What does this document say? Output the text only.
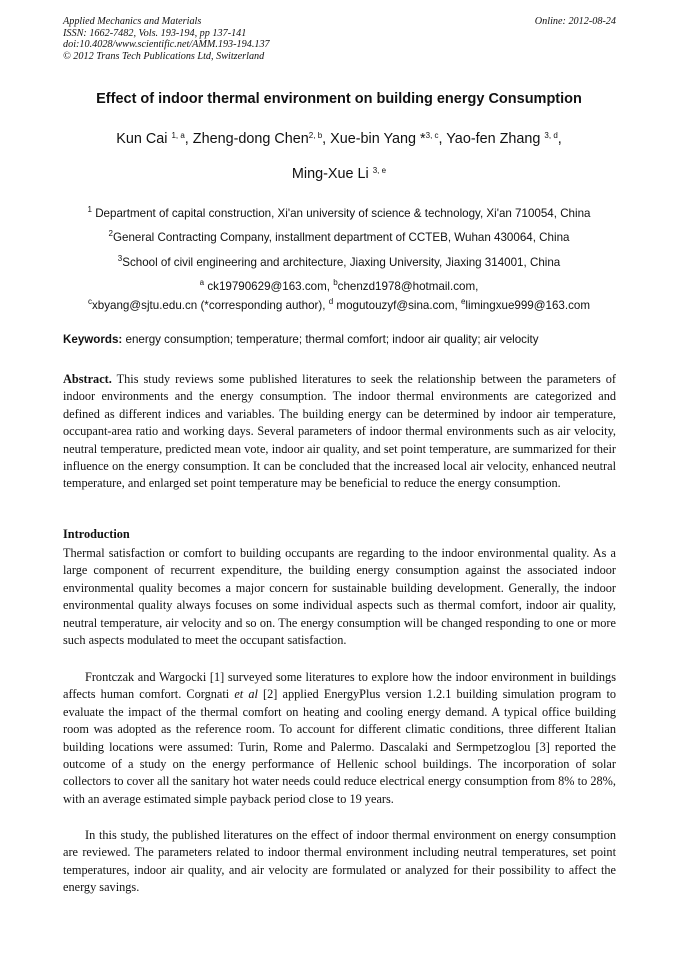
Applied Mechanics and Materials
ISSN: 1662-7482, Vols. 193-194, pp 137-141
doi:10.4028/www.scientific.net/AMM.193-194.137
© 2012 Trans Tech Publications Ltd, Switzerland
Online: 2012-08-24
Effect of indoor thermal environment on building energy Consumption
Kun Cai $^{1, a}$, Zheng-dong Chen$^{2, b}$, Xue-bin Yang *$^{3, c}$, Yao-fen Zhang $^{3, d}$,
Ming-Xue Li $^{3, e}$
$^1$ Department of capital construction, Xi'an university of science & technology, Xi'an 710054, China
$^2$General Contracting Company, installment department of CCTEB, Wuhan 430064, China
$^3$School of civil engineering and architecture, Jiaxing University, Jiaxing 314001, China
$^a$ ck19790629@163.com, $^b$chenzd1978@hotmail.com,
$^c$xbyang@sjtu.edu.cn (*corresponding author), $^d$ mogutouzyf@sina.com, $^e$limingxue999@163.com
Keywords: energy consumption; temperature; thermal comfort; indoor air quality; air velocity

Abstract. This study reviews some published literatures to seek the relationship between the parameters of indoor environments and the energy consumption. The indoor thermal environments are categorized and defined as different indices and variables. The building energy can be determined by indoor air temperature, occupant-area ratio and working days. Several parameters of indoor thermal environments such as air velocity, neutral temperature, predicted mean vote, indoor air quality, and set point temperature, are summarized for their influence on the energy consumption. It can be concluded that the increased local air velocity, enhanced neutral temperature, and enlarged set point temperature may be beneficial to reduce the energy consumption.

Introduction

Thermal satisfaction or comfort to building occupants are regarding to the indoor environmental quality. As a large component of recurrent expenditure, the building energy consumption against the associated indoor environmental quality becomes a major concern for sustainable building development. Generally, the indoor environmental quality always focuses on some individual aspects such as thermal comfort, indoor air quality, neutral temperature, air velocity and so on. The energy consumption will be changed responding to one or more such aspects modulated to meet the occupant satisfaction.

Frontczak and Wargocki [1] surveyed some literatures to explore how the indoor environment in buildings affects human comfort. Corgnati et al [2] applied EnergyPlus version 1.2.1 building simulation program to evaluate the impact of the thermal comfort on heating and cooling energy demand. A typical office building room was adopted as the reference room. To account for different climatic conditions, three different Italian building locations were assumed: Turin, Rome and Palermo. Dascalaki and Sermpetzoglou [3] reported the outcome of a study on the energy performance of Hellenic school buildings. The incorporation of solar collectors to cover all the sanitary hot water needs could reduce electrical energy consumption from 8% to 28%, with an average estimated simple payback period close to 19 years.

In this study, the published literatures on the effect of indoor thermal environment on energy consumption are reviewed. The parameters related to indoor thermal environment including neutral temperatures, set point temperatures, indoor air quality, and air velocity are formulated or analyzed for their possibility to affect the energy savings.
